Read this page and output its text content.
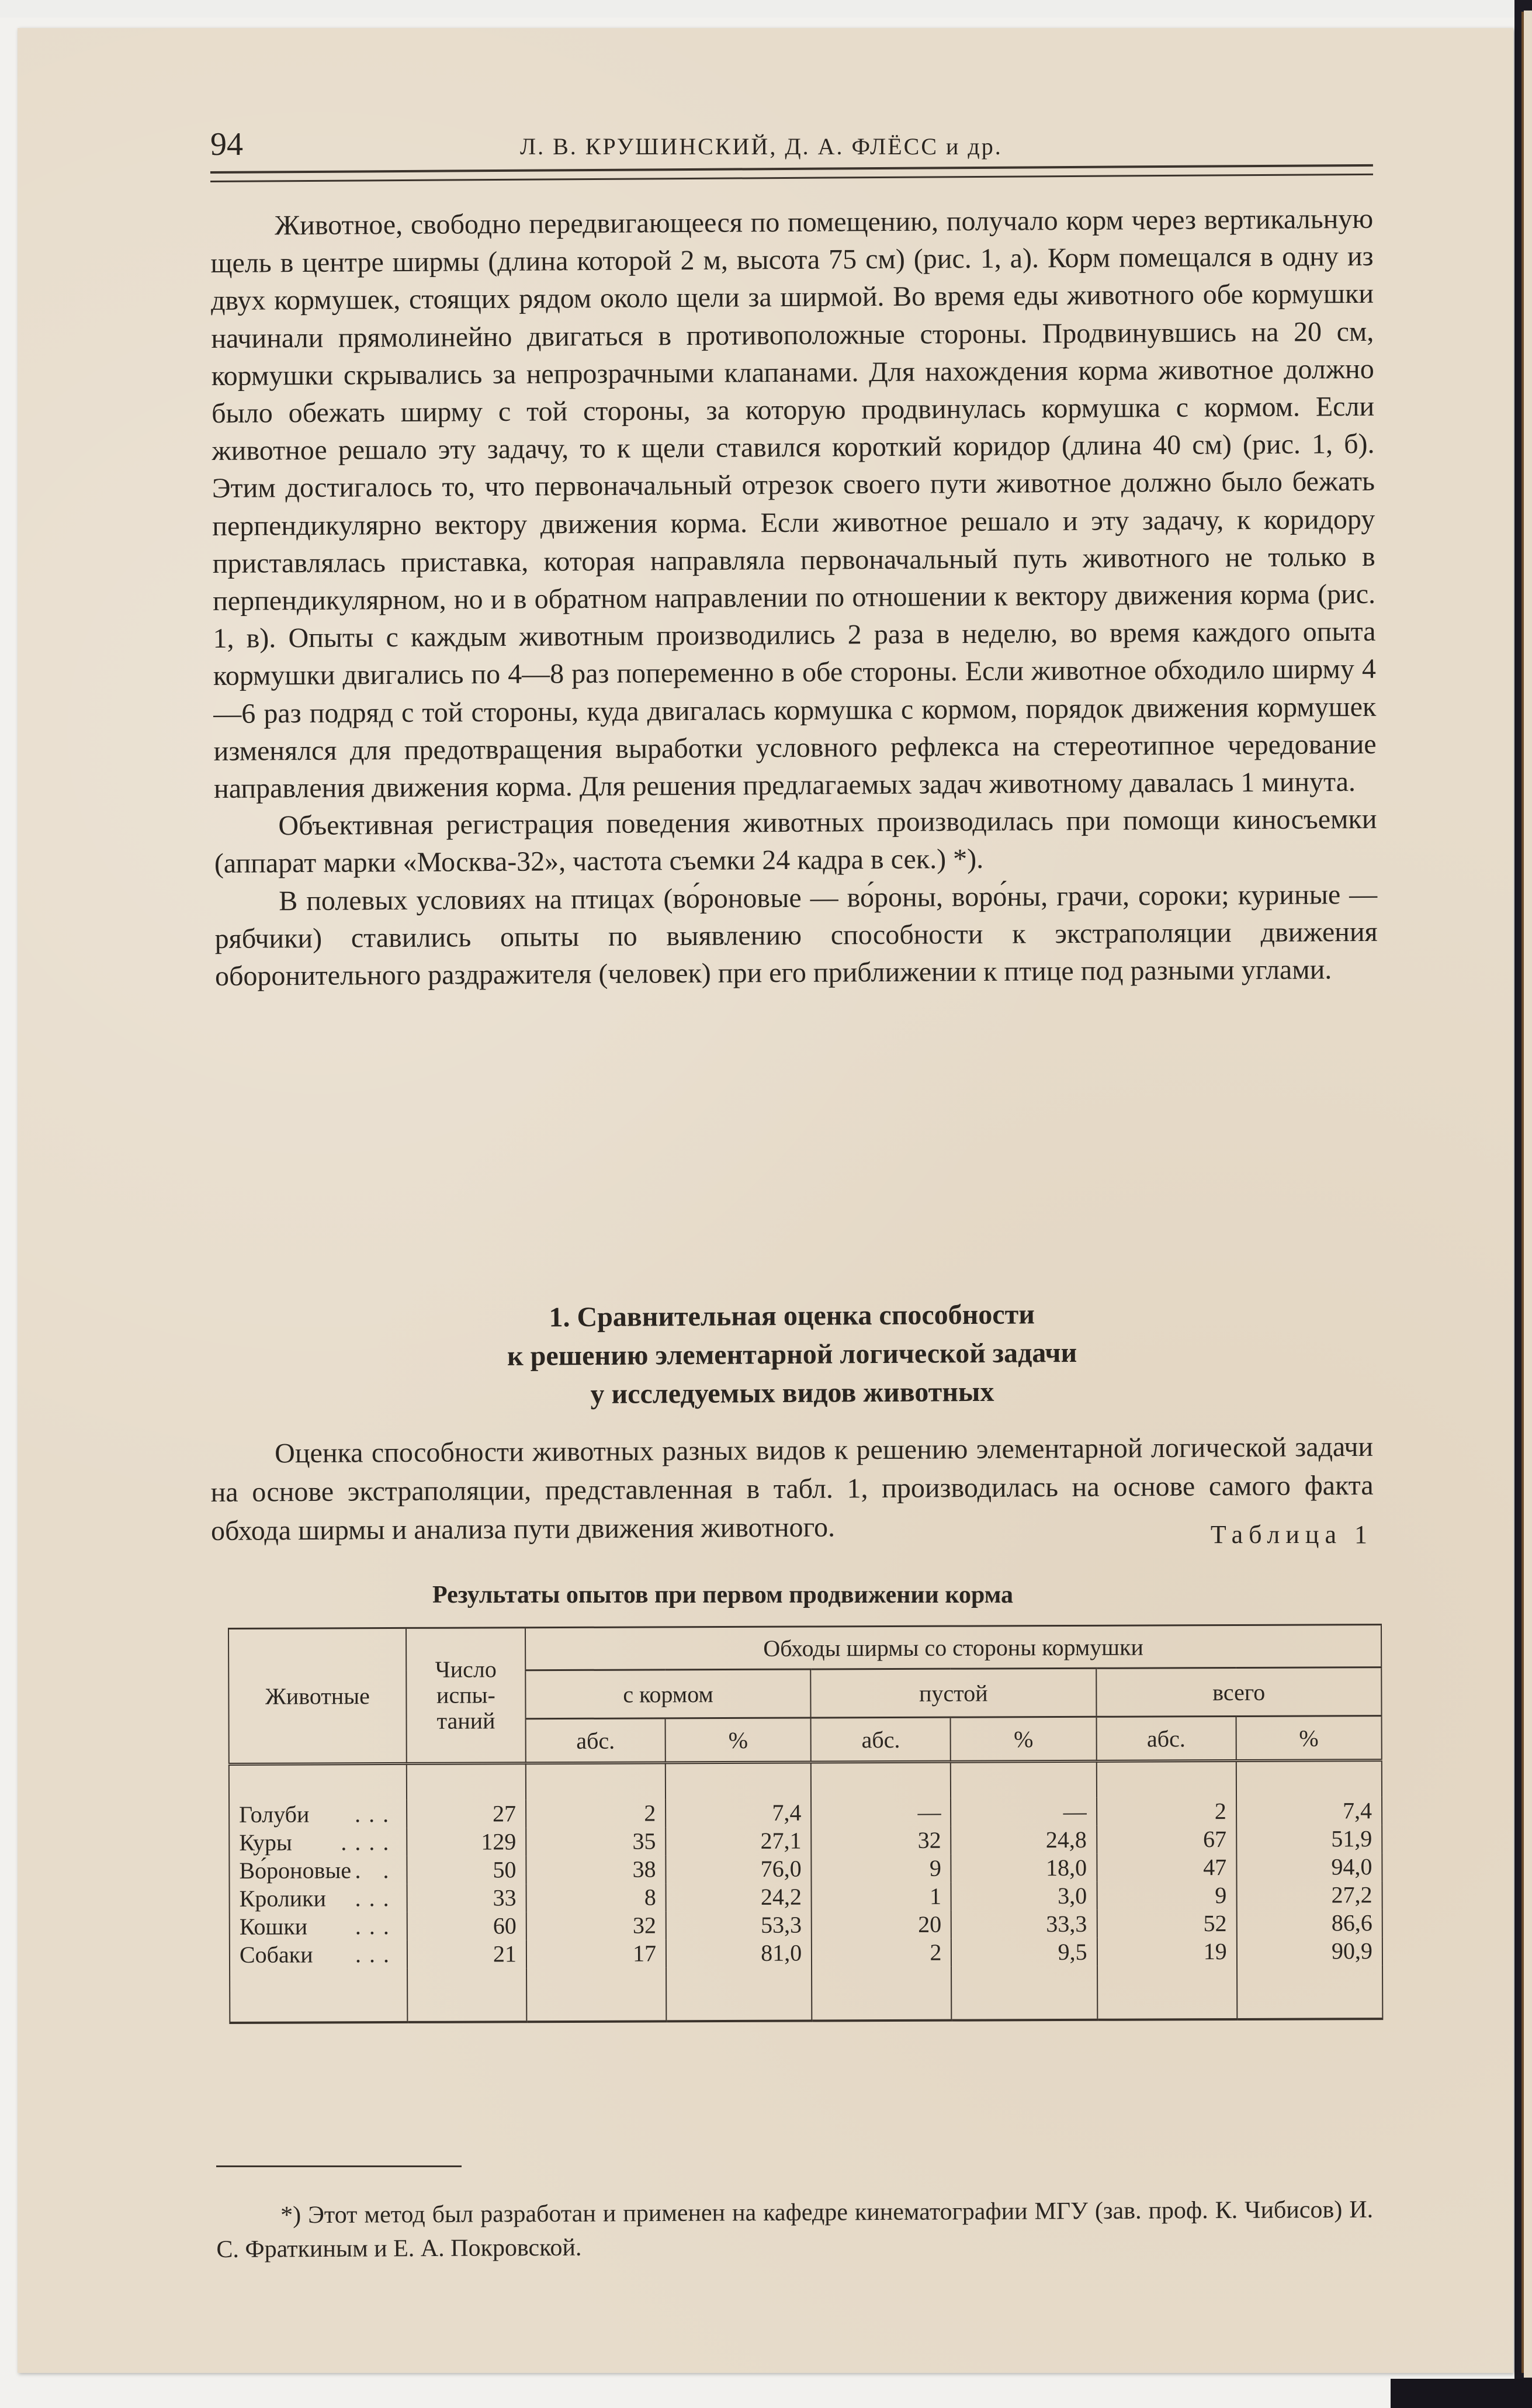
94	Л. В. КРУШИНСКИЙ, Д. А. ФЛЁСС и др.

Животное, свободно передвигающееся по помещению, получало корм через вертикальную щель в центре ширмы (длина которой 2 м, высота 75 см) (рис. 1, а). Корм помещался в одну из двух кормушек, стоящих рядом около щели за ширмой. Во время еды животного обе кормушки начинали прямолинейно двигаться в противоположные стороны. Продвинувшись на 20 см, кормушки скрывались за непрозрачными клапанами. Для нахождения корма животное должно было обежать ширму с той стороны, за которую продвинулась кормушка с кормом. Если животное решало эту задачу, то к щели ставился короткий коридор (длина 40 см) (рис. 1, б). Этим достигалось то, что первоначальный отрезок своего пути животное должно было бежать перпендикулярно вектору движения корма. Если животное решало и эту задачу, к коридору приставлялась приставка, которая направляла первоначальный путь животного не только в перпендикулярном, но и в обратном направлении по отношении к вектору движения корма (рис. 1, в). Опыты с каждым животным производились 2 раза в неделю, во время каждого опыта кормушки двигались по 4—8 раз попеременно в обе стороны. Если животное обходило ширму 4—6 раз подряд с той стороны, куда двигалась кормушка с кормом, порядок движения кормушек изменялся для предотвращения выработки условного рефлекса на стереотипное чередование направления движения корма. Для решения предлагаемых задач животному давалась 1 минута.

Объективная регистрация поведения животных производилась при помощи киносъемки (аппарат марки «Москва-32», частота съемки 24 кадра в сек.) *).

В полевых условиях на птицах (во́роновые — во́роны, воро́ны, грачи, сороки; куриные — рябчики) ставились опыты по выявлению способности к экстраполяции движения оборонительного раздражителя (человек) при его приближении к птице под разными углами.

1. Сравнительная оценка способности
к решению элементарной логической задачи
у исследуемых видов животных

Оценка способности животных разных видов к решению элементарной логической задачи на основе экстраполяции, представленная в табл. 1, производилась на основе самого факта обхода ширмы и анализа пути движения животного.	Таблица 1
Результаты опытов при первом продвижении корма
Животные	Число испы- таний	Обходы ширмы со стороны кормушки					
		с кормом		пустой		всего	
		абс.	%	абс.	%	абс.	%

Голуби ...	27	2	7,4	—	—	2	7,4
Куры ....	129	35	27,1	32	24,8	67	51,9
Во́роновые . .	50	38	76,0	9	18,0	47	94,0
Кролики ...	33	8	24,2	1	3,0	9	27,2
Кошки ...	60	32	53,3	20	33,3	52	86,6
Собаки ...	21	17	81,0	2	9,5	19	90,9

*) Этот метод был разработан и применен на кафедре кинематографии МГУ (зав. проф. К. Чибисов) И. С. Фраткиным и Е. А. Покровской.
